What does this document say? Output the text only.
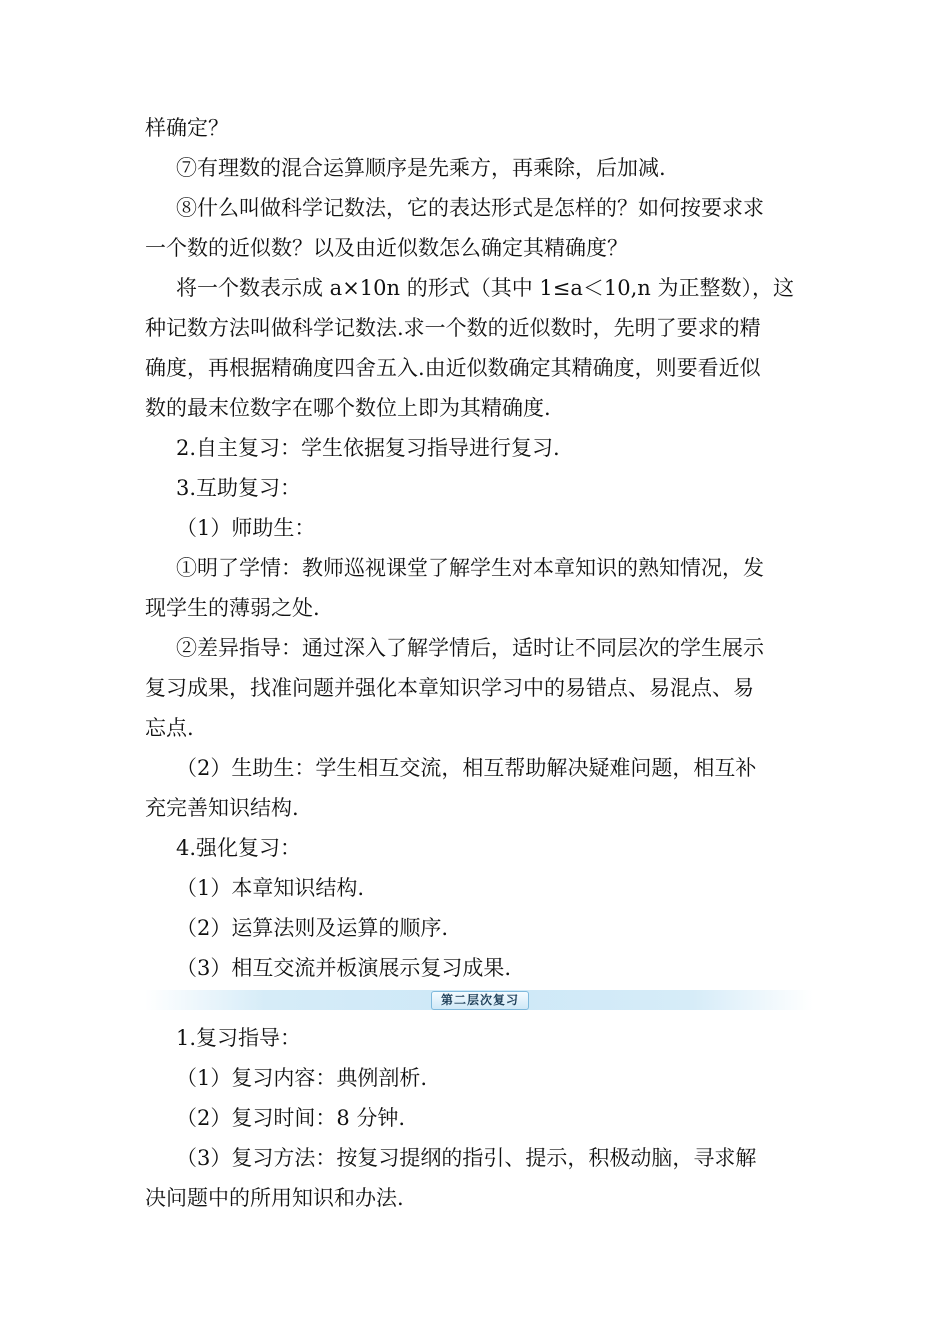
样确定？
⑦有理数的混合运算顺序是先乘方，再乘除，后加减.
⑧什么叫做科学记数法，它的表达形式是怎样的？如何按要求求
一个数的近似数？以及由近似数怎么确定其精确度？
将一个数表示成 a×10n 的形式（其中 1≤a＜10,n 为正整数），这
种记数方法叫做科学记数法.求一个数的近似数时，先明了要求的精
确度，再根据精确度四舍五入.由近似数确定其精确度，则要看近似
数的最末位数字在哪个数位上即为其精确度.
2.自主复习：学生依据复习指导进行复习.
3.互助复习：
（1）师助生：
①明了学情：教师巡视课堂了解学生对本章知识的熟知情况，发
现学生的薄弱之处.
②差异指导：通过深入了解学情后，适时让不同层次的学生展示
复习成果，找准问题并强化本章知识学习中的易错点、易混点、易
忘点.
（2）生助生：学生相互交流，相互帮助解决疑难问题，相互补
充完善知识结构.
4.强化复习：
（1）本章知识结构.
（2）运算法则及运算的顺序.
（3）相互交流并板演展示复习成果.
第二层次复习
1.复习指导：
（1）复习内容：典例剖析.
（2）复习时间：8 分钟.
（3）复习方法：按复习提纲的指引、提示，积极动脑，寻求解
决问题中的所用知识和办法.
